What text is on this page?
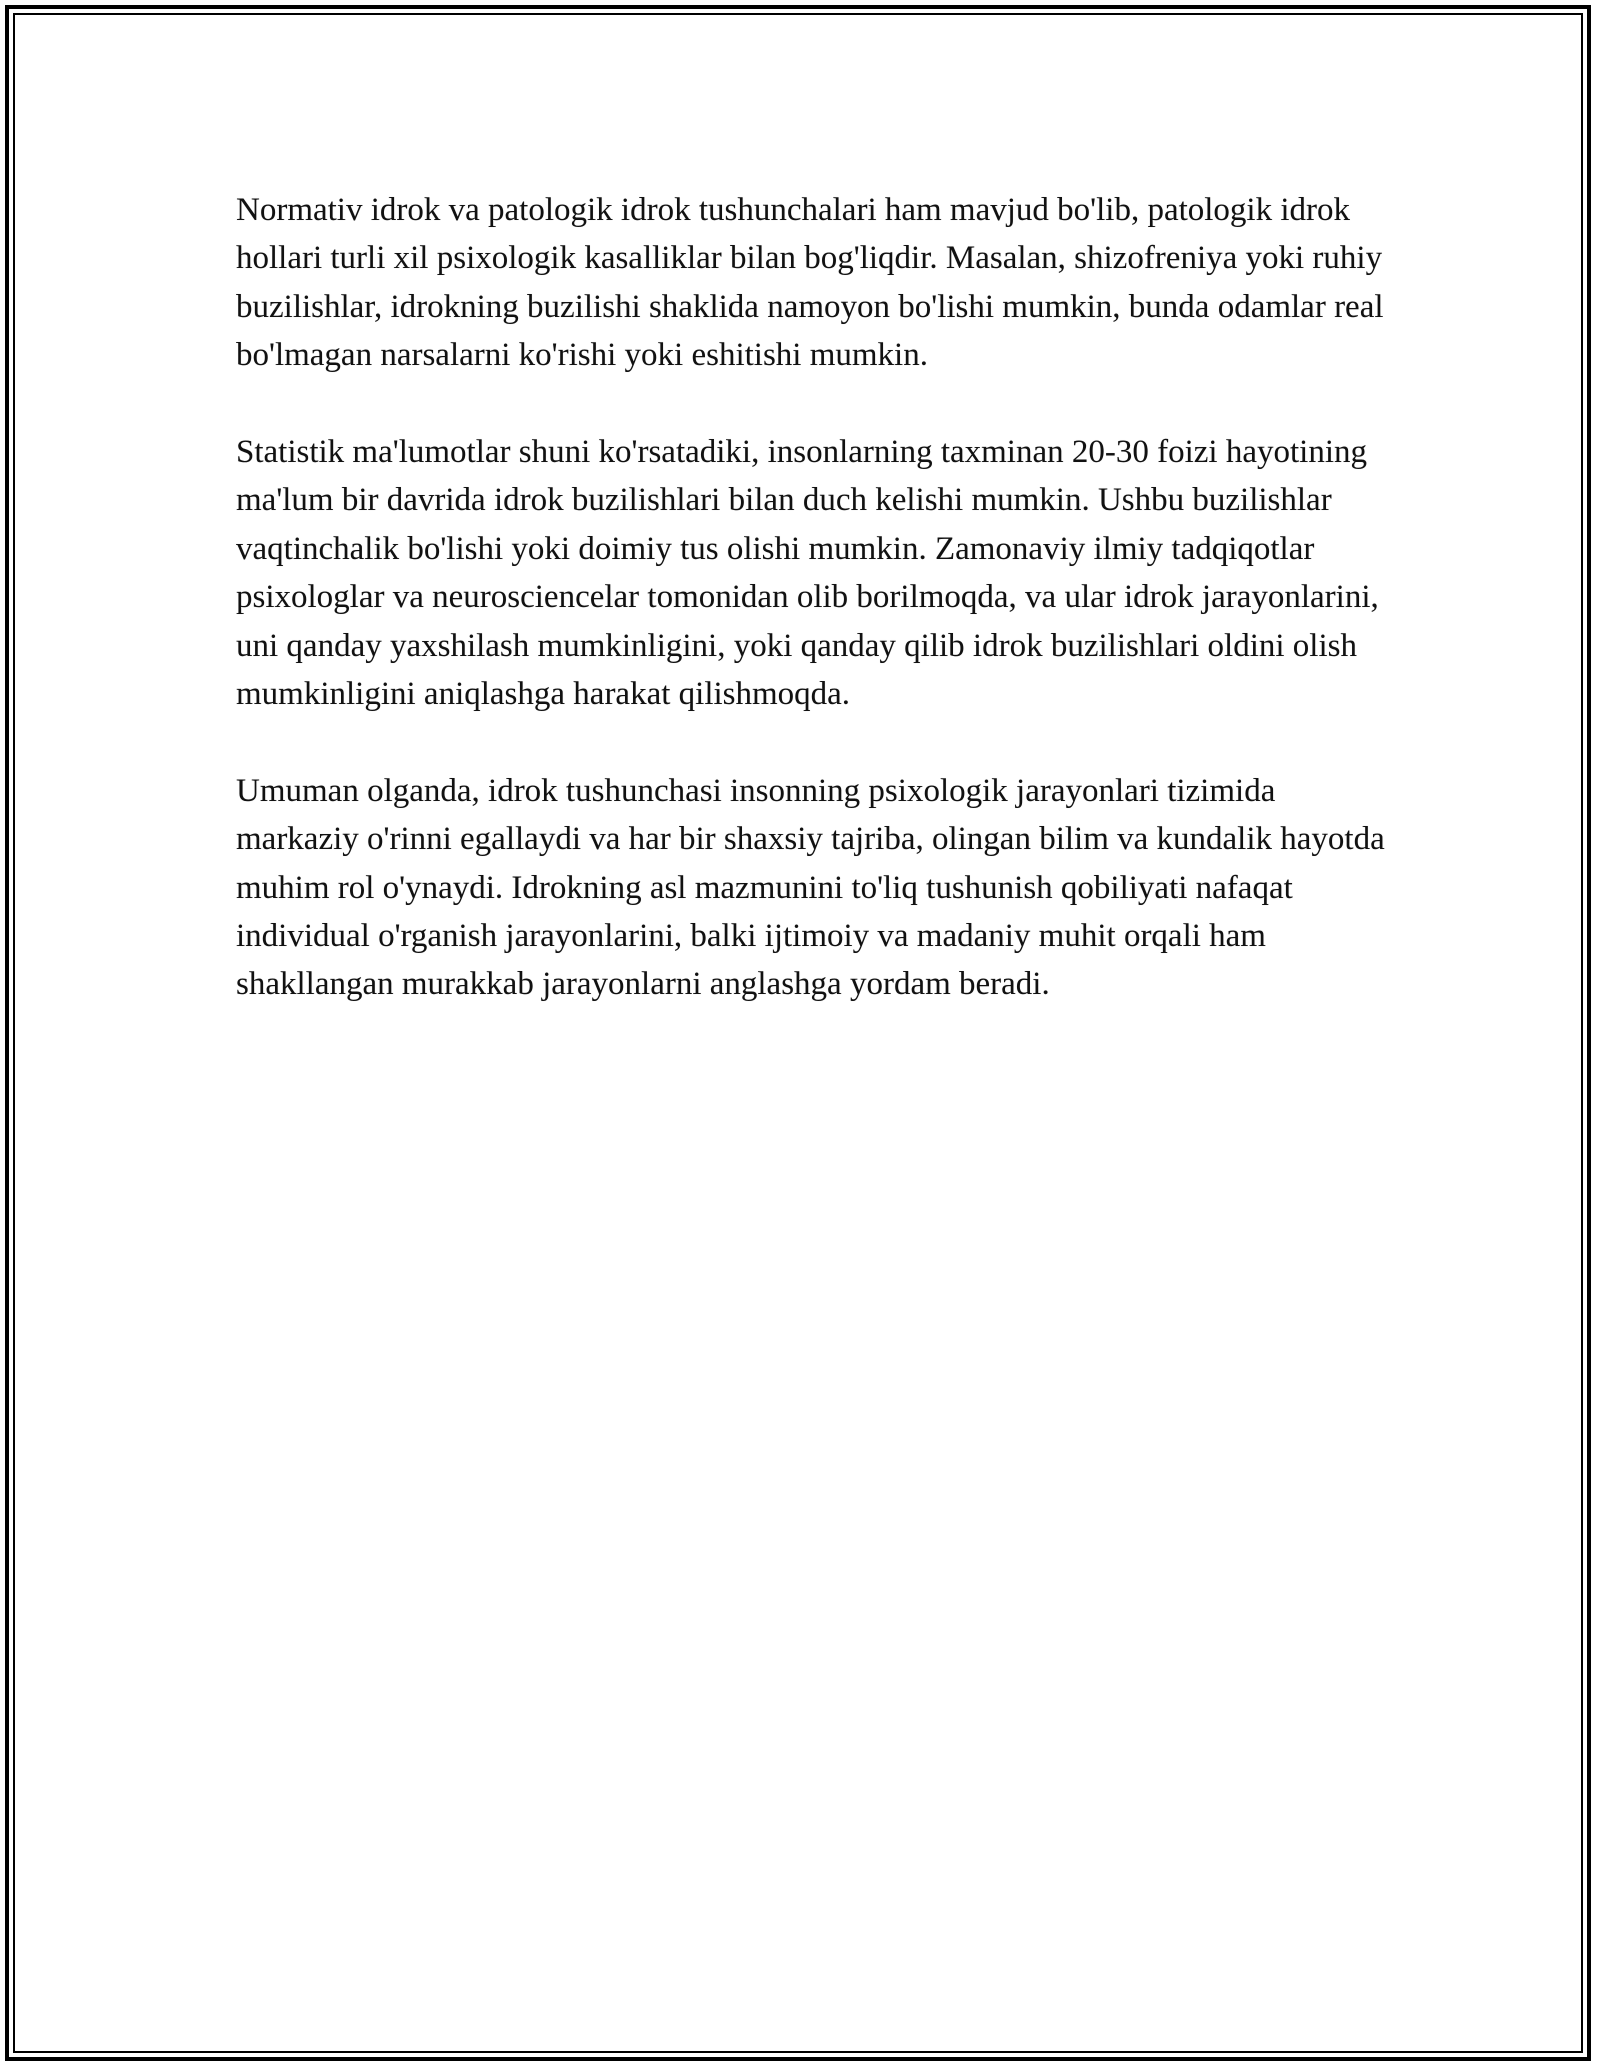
Normativ idrok va patologik idrok tushunchalari ham mavjud bo'lib, patologik idrok hollari turli xil psixologik kasalliklar bilan bog'liqdir. Masalan, shizofreniya yoki ruhiy buzilishlar, idrokning buzilishi shaklida namoyon bo'lishi mumkin, bunda odamlar real bo'lmagan narsalarni ko'rishi yoki eshitishi mumkin.

Statistik ma'lumotlar shuni ko'rsatadiki, insonlarning taxminan 20-30 foizi hayotining ma'lum bir davrida idrok buzilishlari bilan duch kelishi mumkin. Ushbu buzilishlar vaqtinchalik bo'lishi yoki doimiy tus olishi mumkin. Zamonaviy ilmiy tadqiqotlar psixologlar va neurosciencelar tomonidan olib borilmoqda, va ular idrok jarayonlarini, uni qanday yaxshilash mumkinligini, yoki qanday qilib idrok buzilishlari oldini olish mumkinligini aniqlashga harakat qilishmoqda.

Umuman olganda, idrok tushunchasi insonning psixologik jarayonlari tizimida markaziy o'rinni egallaydi va har bir shaxsiy tajriba, olingan bilim va kundalik hayotda muhim rol o'ynaydi. Idrokning asl mazmunini to'liq tushunish qobiliyati nafaqat individual o'rganish jarayonlarini, balki ijtimoiy va madaniy muhit orqali ham shakllangan murakkab jarayonlarni anglashga yordam beradi.
